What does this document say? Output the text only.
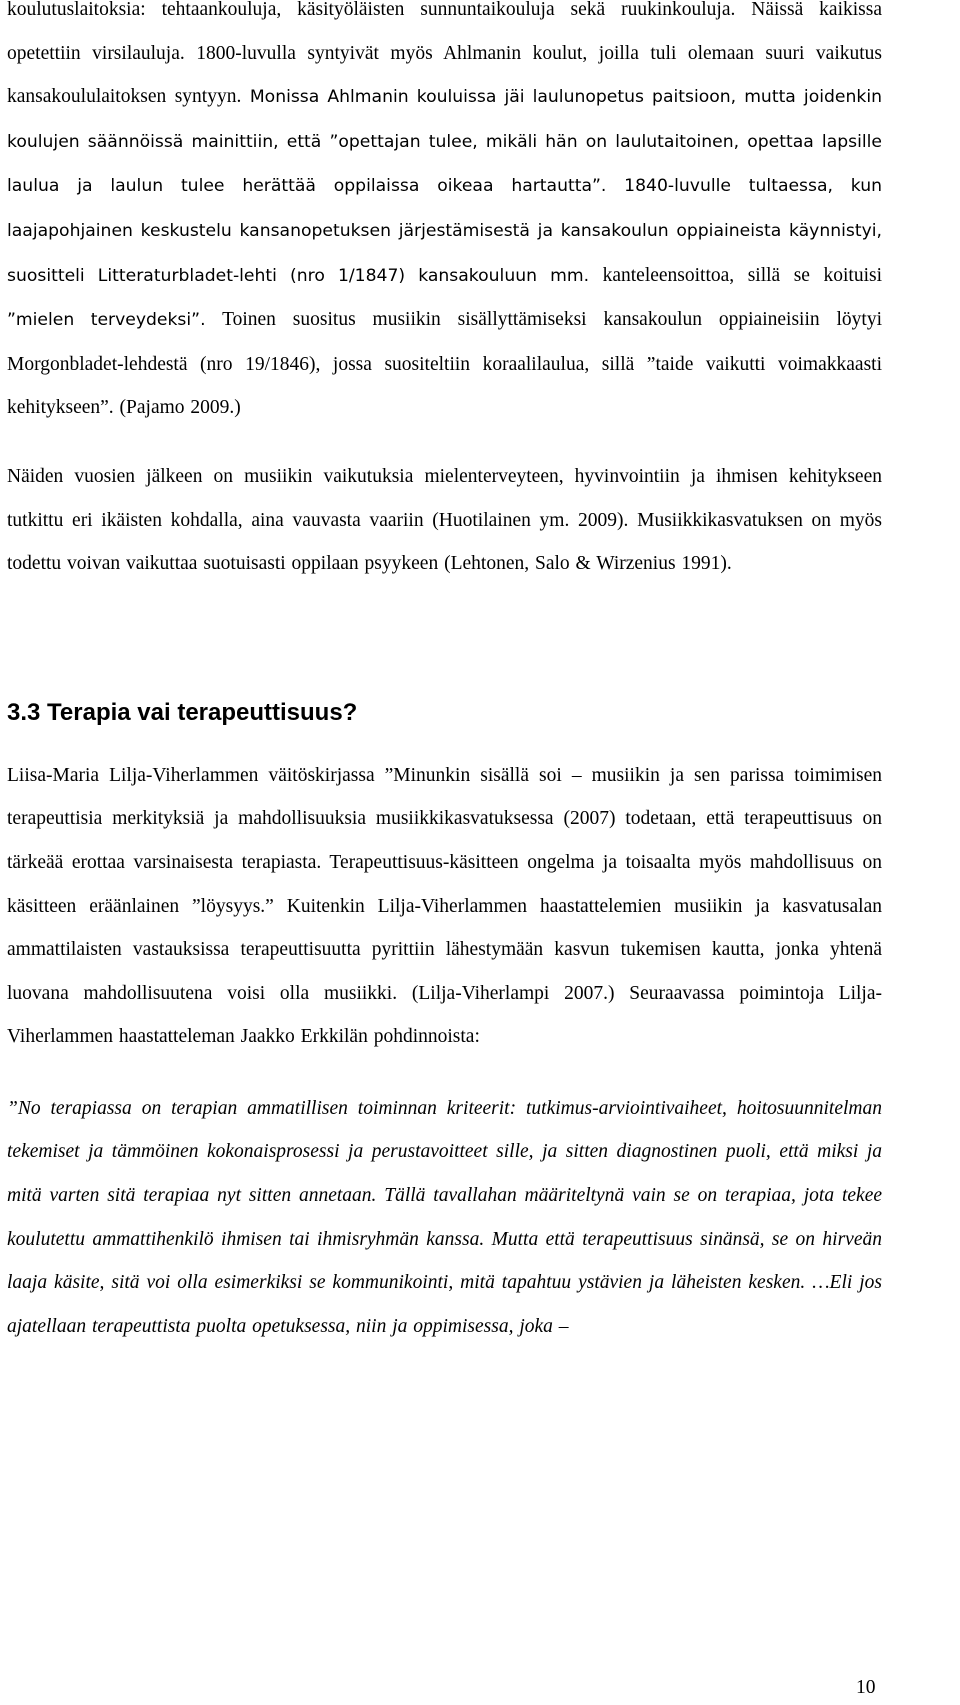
koulutuslaitoksia: tehtaankouluja, käsityöläisten sunnuntaikouluja sekä ruukinkouluja. Näissä kaikissa opetettiin virsilauluja. 1800-luvulla syntyivät myös Ahlmanin koulut, joilla tuli olemaan suuri vaikutus kansakoululaitoksen syntyyn. Monissa Ahlmanin kouluissa jäi laulunopetus paitsioon, mutta joidenkin koulujen säännöissä mainittiin, että ”opettajan tulee, mikäli hän on laulutaitoinen, opettaa lapsille laulua ja laulun tulee herättää oppilaissa oikeaa hartautta”. 1840-luvulle tultaessa, kun laajapohjainen keskustelu kansanopetuksen järjestämisestä ja kansakoulun oppiaineista käynnistyi, suositteli Litteraturbladet-lehti (nro 1/1847) kansakouluun mm. kanteleensoittoa, sillä se koituisi ”mielen terveydeksi”. Toinen suositus musiikin sisällyttämiseksi kansakoulun oppiaineisiin löytyi Morgonbladet-lehdestä (nro 19/1846), jossa suositeltiin koraalilaulua, sillä ”taide vaikutti voimakkaasti kehitykseen”. (Pajamo 2009.)

Näiden vuosien jälkeen on musiikin vaikutuksia mielenterveyteen, hyvinvointiin ja ihmisen kehitykseen tutkittu eri ikäisten kohdalla, aina vauvasta vaariin (Huotilainen ym. 2009). Musiikkikasvatuksen on myös todettu voivan vaikuttaa suotuisasti oppilaan psyykeen (Lehtonen, Salo & Wirzenius 1991).

3.3 Terapia vai terapeuttisuus?

Liisa-Maria Lilja-Viherlammen väitöskirjassa ”Minunkin sisällä soi – musiikin ja sen parissa toimimisen terapeuttisia merkityksiä ja mahdollisuuksia musiikkikasvatuksessa (2007) todetaan, että terapeuttisuus on tärkeää erottaa varsinaisesta terapiasta. Terapeuttisuus-käsitteen ongelma ja toisaalta myös mahdollisuus on käsitteen eräänlainen ”löysyys.” Kuitenkin Lilja-Viherlammen haastattelemien musiikin ja kasvatusalan ammattilaisten vastauksissa terapeuttisuutta pyrittiin lähestymään kasvun tukemisen kautta, jonka yhtenä luovana mahdollisuutena voisi olla musiikki. (Lilja-Viherlampi 2007.) Seuraavassa poimintoja Lilja-Viherlammen haastatteleman Jaakko Erkkilän pohdinnoista:

”No terapiassa on terapian ammatillisen toiminnan kriteerit: tutkimus-arviointivaiheet, hoitosuunnitelman tekemiset ja tämmöinen kokonaisprosessi ja perustavoitteet sille, ja sitten diagnostinen puoli, että miksi ja mitä varten sitä terapiaa nyt sitten annetaan. Tällä tavallahan määriteltynä vain se on terapiaa, jota tekee koulutettu ammattihenkilö ihmisen tai ihmisryhmän kanssa. Mutta että terapeuttisuus sinänsä, se on hirveän laaja käsite, sitä voi olla esimerkiksi se kommunikointi, mitä tapahtuu ystävien ja läheisten kesken. …Eli jos ajatellaan terapeuttista puolta opetuksessa, niin ja oppimisessa, joka –

10
